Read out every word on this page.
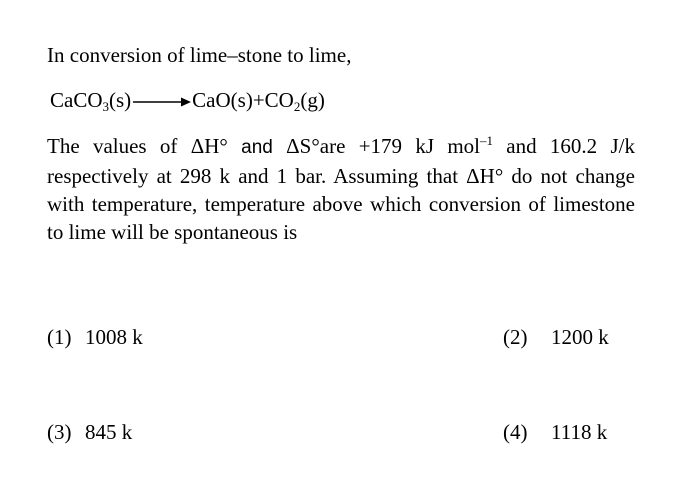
In conversion of lime–stone to lime,
CaCO$_3$(s) $\to CaO(s)+CO_2(g)$
The values of ΔH° and ΔS°are +179 kJ mol$^{-1}$ and 160.2 J/k respectively at 298 k and 1 bar. Assuming that ΔH° do not change with temperature, temperature above which conversion of limestone to lime will be spontaneous is
(1) 1008 k	(2) 1200 k
(3) 845 k	(4) 1118 k
